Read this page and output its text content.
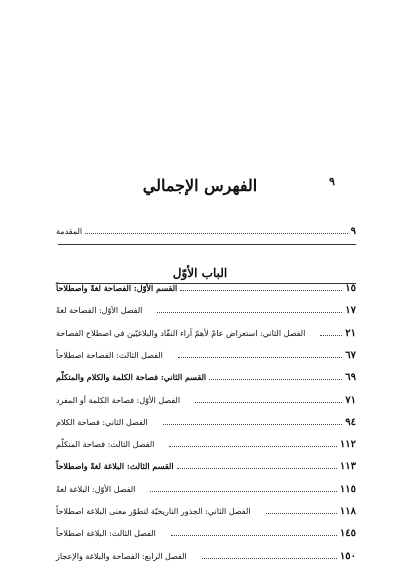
٩
الفهرس الإجمالي
المقدمة	٩
الباب الأوّل
القسم الأوّل: الفصاحة لغةً واصطلاحاً	١٥
الفصل الأوّل: الفصاحة لغةً	١٧
الفصل الثاني: استعراض عامّ لأهمّ آراء النقّاد والبلاغيّين في اصطلاح الفصاحة	٢١
الفصل الثالث: الفصاحة اصطلاحاً	٦٧
القسم الثاني: فصاحة الكلمة والكلام والمتكلّم	٦٩
الفصل الأوّل: فصاحة الكلمة أو المفرد	٧١
الفصل الثاني: فصاحة الكلام	٩٤
الفصل الثالث: فصاحة المتكلّم	١١٢
القسم الثالث: البلاغة لغةً واصطلاحاً	١١٣
الفصل الأوّل: البلاغة لغةً	١١٥
الفصل الثاني: الجذور التاريخيّة لتطوّر معنى البلاغة اصطلاحاً	١١٨
الفصل الثالث: البلاغة اصطلاحاً	١٤٥
الفصل الرابع: الفصاحة والبلاغة والإعجاز	١٥٠
